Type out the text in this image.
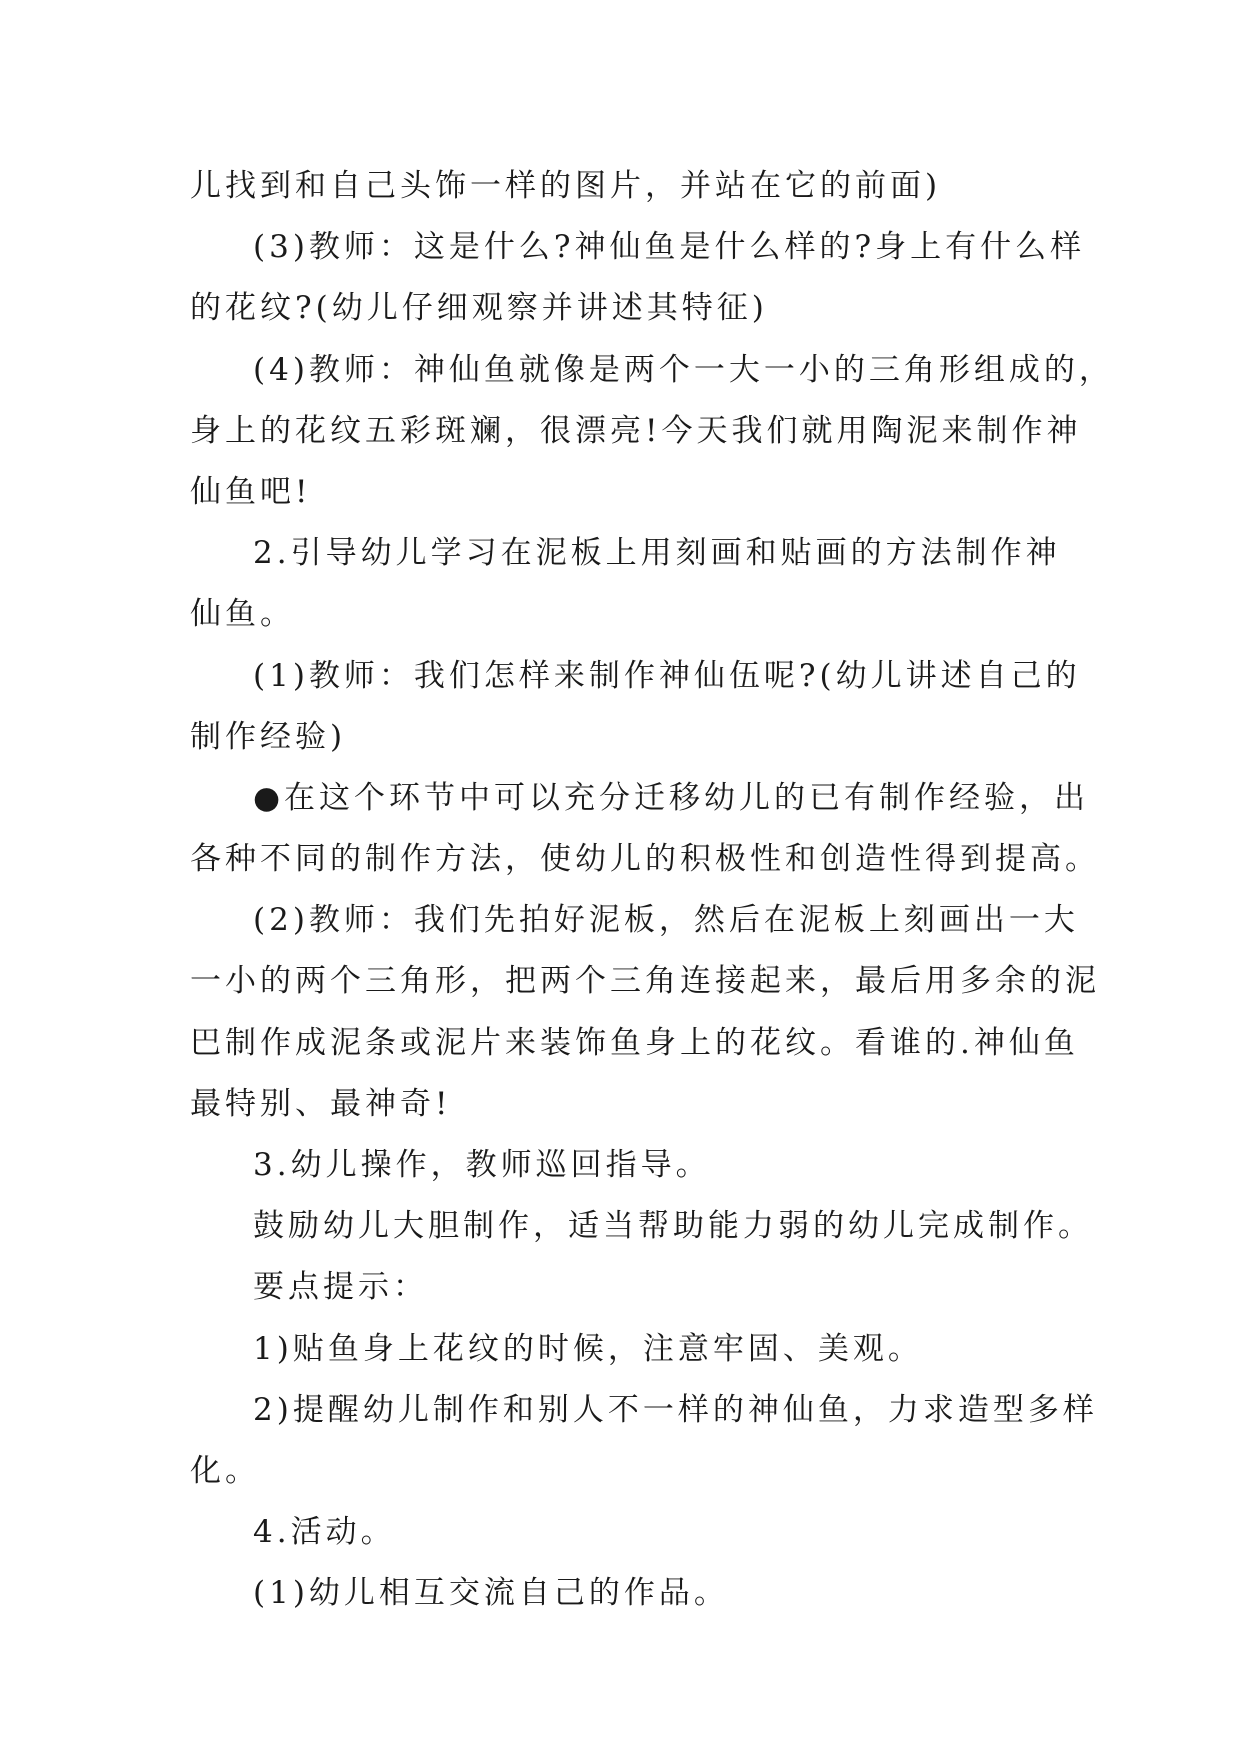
儿找到和自己头饰一样的图片，并站在它的前面)
(3)教师：这是什么?神仙鱼是什么样的?身上有什么样
的花纹?(幼儿仔细观察并讲述其特征)
(4)教师：神仙鱼就像是两个一大一小的三角形组成的，
身上的花纹五彩斑斓，很漂亮!今天我们就用陶泥来制作神
仙鱼吧!
2.引导幼儿学习在泥板上用刻画和贴画的方法制作神
仙鱼。
(1)教师：我们怎样来制作神仙伍呢?(幼儿讲述自己的
制作经验)
●在这个环节中可以充分迁移幼儿的已有制作经验，出
各种不同的制作方法，使幼儿的积极性和创造性得到提高。
(2)教师：我们先拍好泥板，然后在泥板上刻画出一大
一小的两个三角形，把两个三角连接起来，最后用多余的泥
巴制作成泥条或泥片来装饰鱼身上的花纹。看谁的.神仙鱼
最特别、最神奇!
3.幼儿操作，教师巡回指导。
鼓励幼儿大胆制作，适当帮助能力弱的幼儿完成制作。
要点提示：
1)贴鱼身上花纹的时候，注意牢固、美观。
2)提醒幼儿制作和别人不一样的神仙鱼，力求造型多样
化。
4.活动。
(1)幼儿相互交流自己的作品。
